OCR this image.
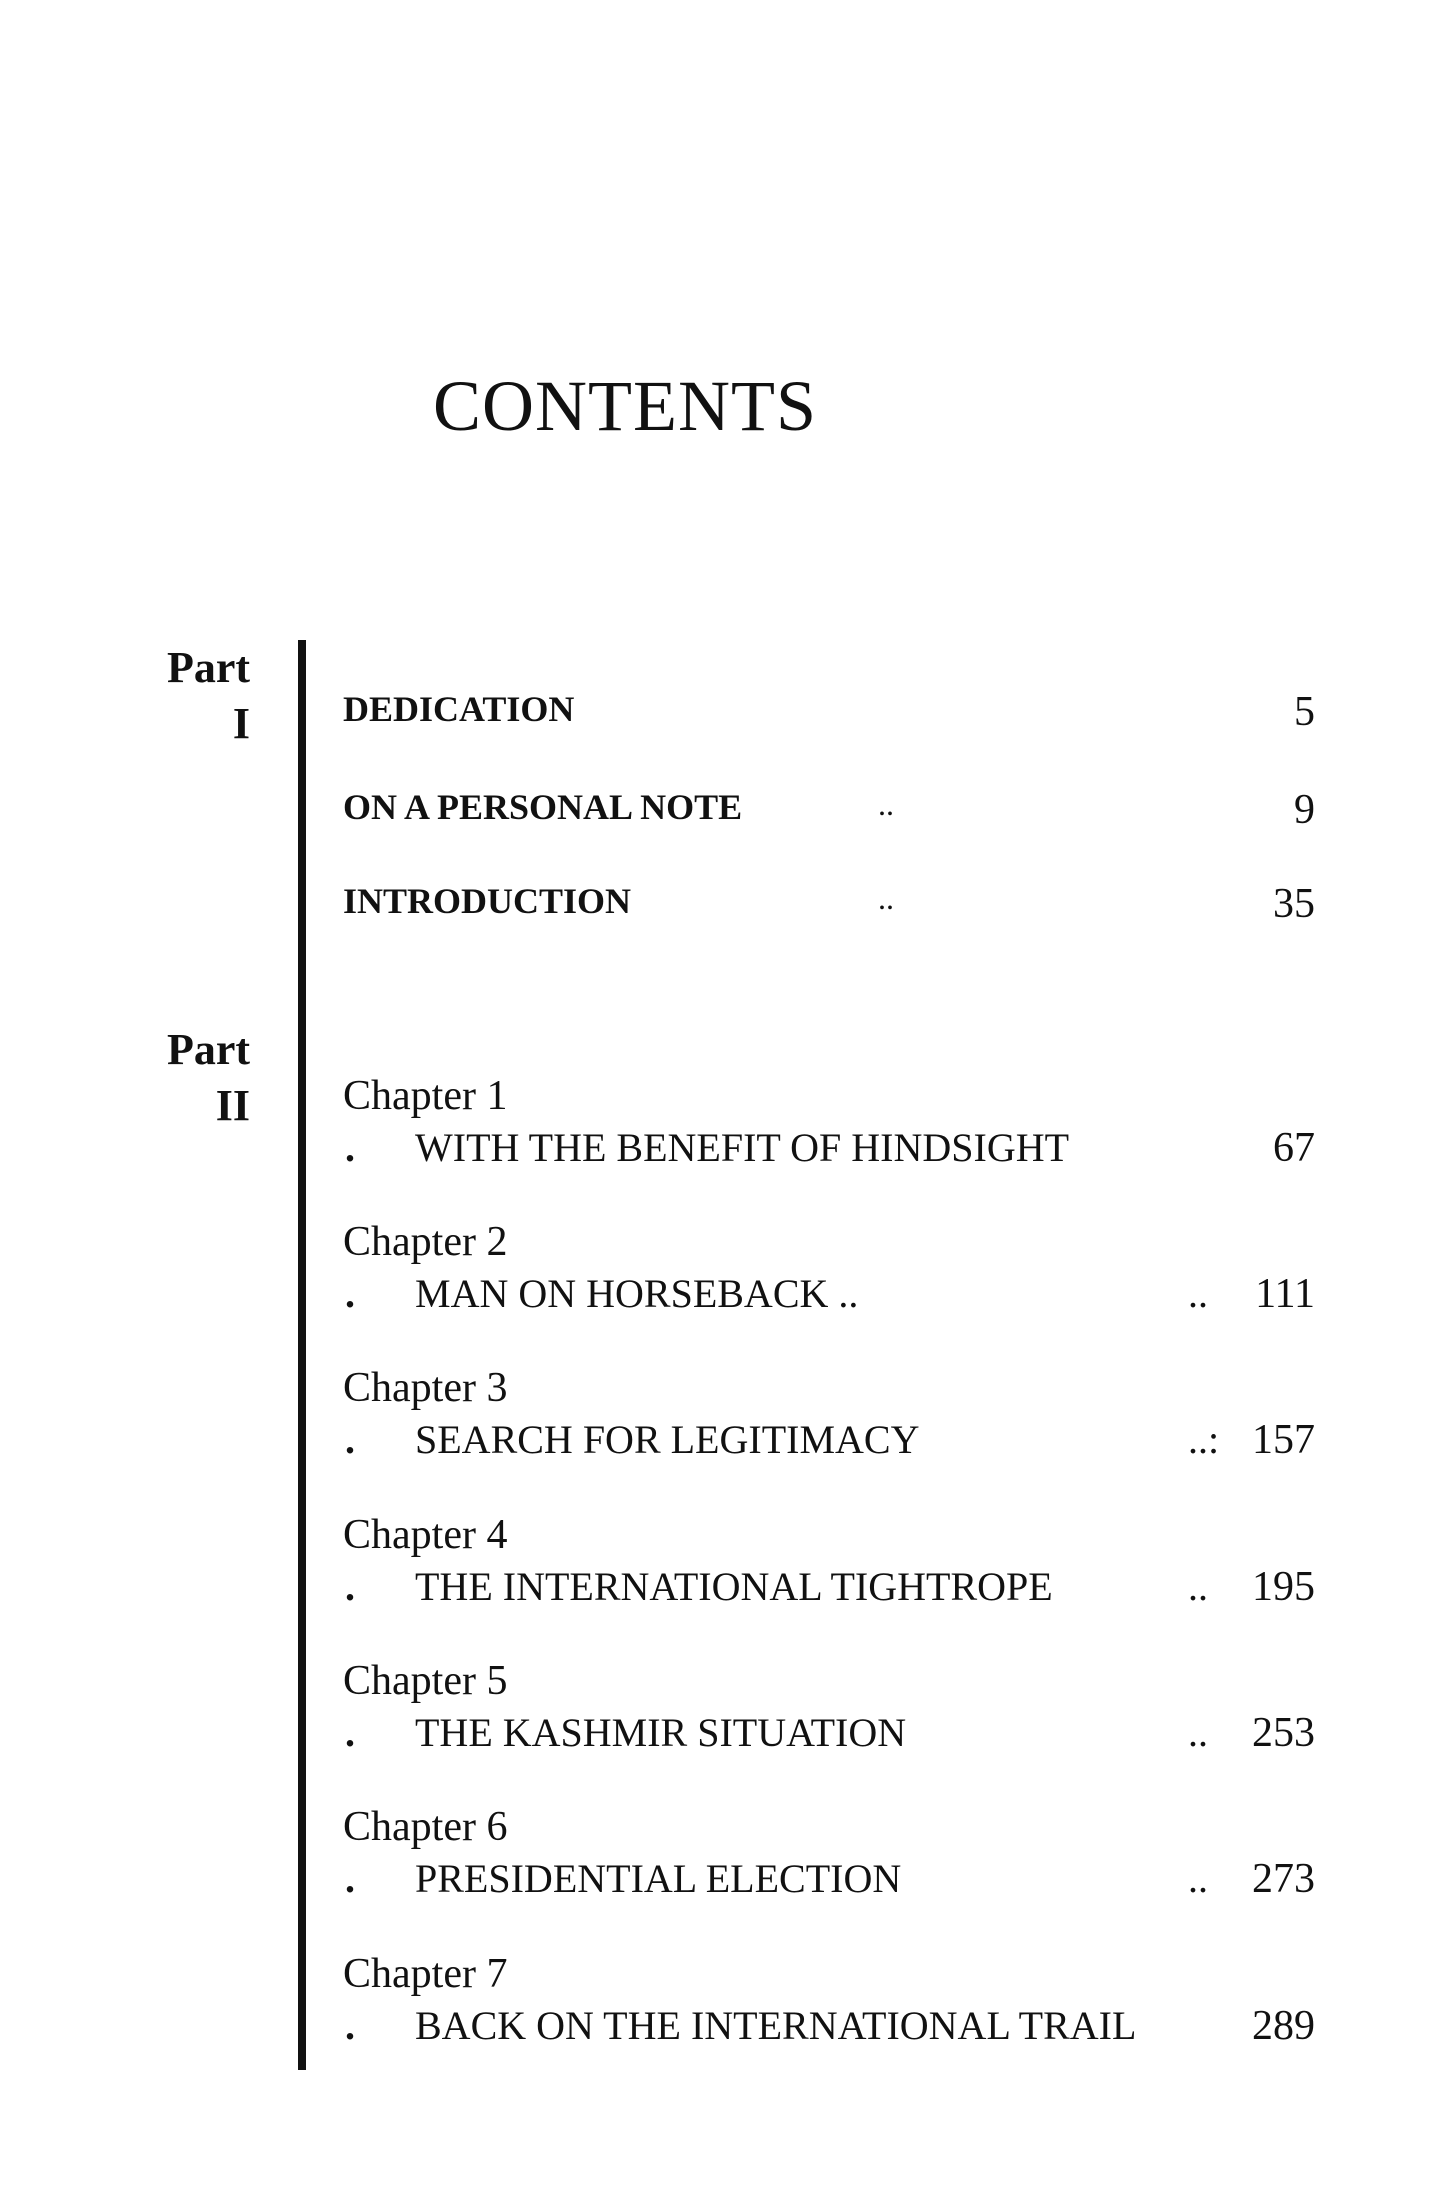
CONTENTS
Part
I
Part
II
DEDICATION	5
ON A PERSONAL NOTE	..	9
INTRODUCTION	..	35
Chapter 1
. WITH THE BENEFIT OF HINDSIGHT	67
Chapter 2
. MAN ON HORSEBACK ..	.. 111
Chapter 3
. SEARCH FOR LEGITIMACY	..: 157
Chapter 4
. THE INTERNATIONAL TIGHTROPE	.. 195
Chapter 5
. THE KASHMIR SITUATION	.. 253
Chapter 6
. PRESIDENTIAL ELECTION	.. 273
Chapter 7
. BACK ON THE INTERNATIONAL TRAIL	289
